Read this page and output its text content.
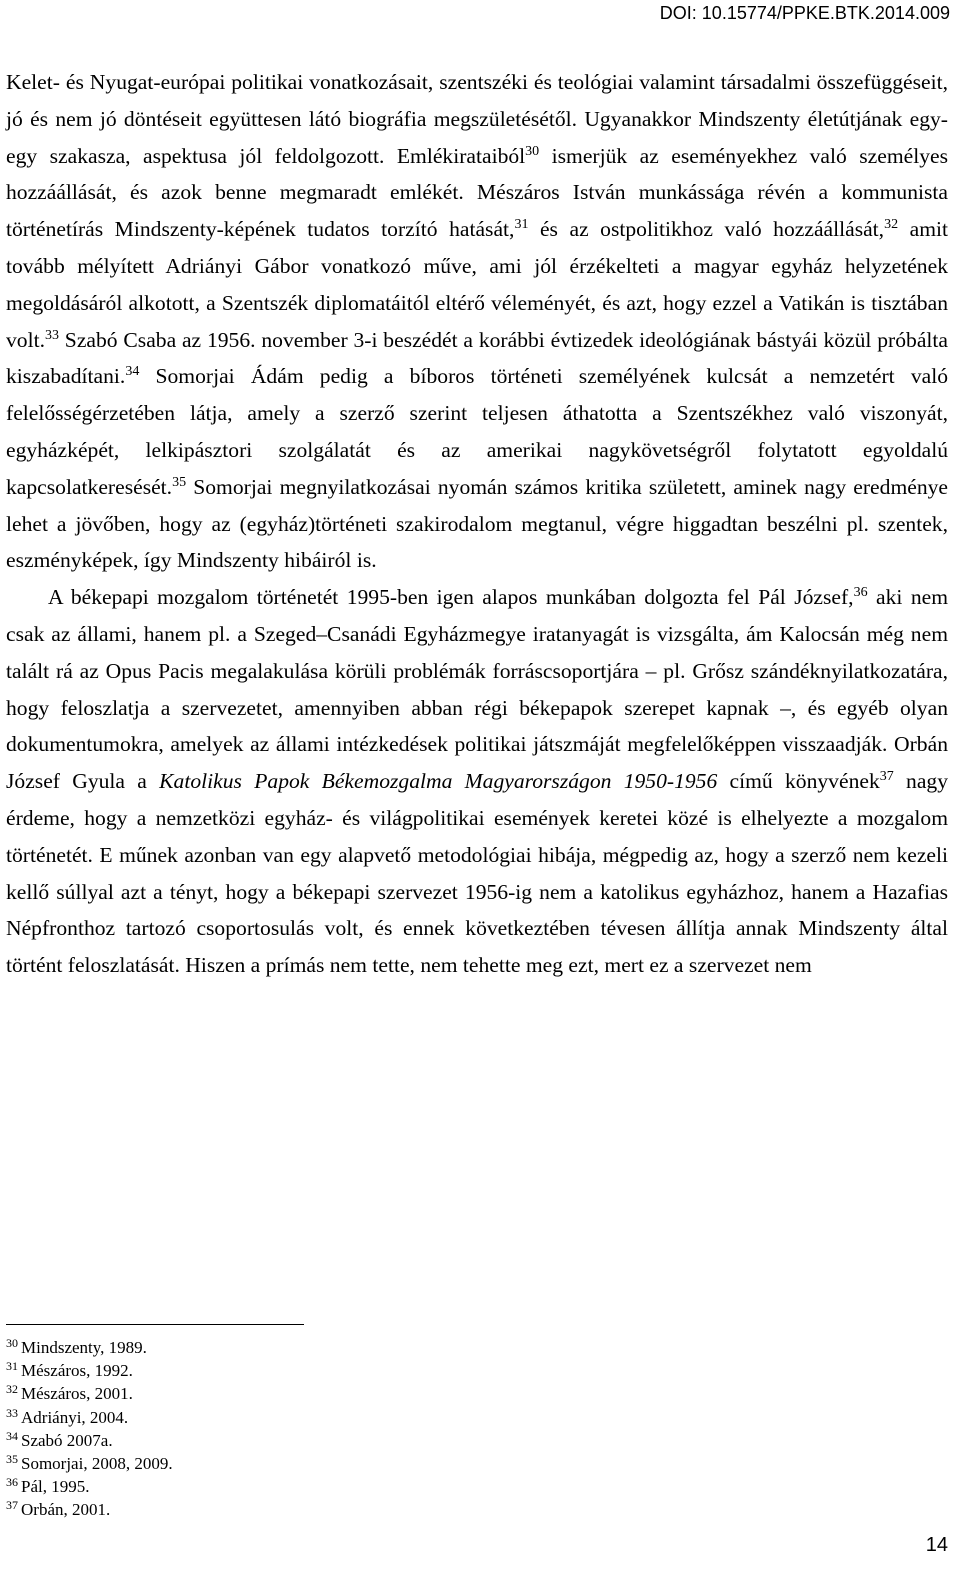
DOI: 10.15774/PPKE.BTK.2014.009

Kelet- és Nyugat-európai politikai vonatkozásait, szentszéki és teológiai valamint társadalmi összefüggéseit, jó és nem jó döntéseit együttesen látó biográfia megszületésétől. Ugyanakkor Mindszenty életútjának egy-egy szakasza, aspektusa jól feldolgozott. Emlékirataiból$^{30}$ ismerjük az eseményekhez való személyes hozzáállását, és azok benne megmaradt emlékét. Mészáros István munkássága révén a kommunista történetírás Mindszenty-képének tudatos torzító hatását,$^{31}$ és az ostpolitikhoz való hozzáállását,$^{32}$ amit tovább mélyített Adriányi Gábor vonatkozó műve, ami jól érzékelteti a magyar egyház helyzetének megoldásáról alkotott, a Szentszék diplomatáitól eltérő véleményét, és azt, hogy ezzel a Vatikán is tisztában volt.$^{33}$ Szabó Csaba az 1956. november 3-i beszédét a korábbi évtizedek ideológiának bástyái közül próbálta kiszabadítani.$^{34}$ Somorjai Ádám pedig a bíboros történeti személyének kulcsát a nemzetért való felelősségérzetében látja, amely a szerző szerint teljesen áthatotta a Szentszékhez való viszonyát, egyházképét, lelkipásztori szolgálatát és az amerikai nagykövetségről folytatott egyoldalú kapcsolatkeresését.$^{35}$ Somorjai megnyilatkozásai nyomán számos kritika született, aminek nagy eredménye lehet a jövőben, hogy az (egyház)történeti szakirodalom megtanul, végre higgadtan beszélni pl. szentek, eszményképek, így Mindszenty hibáiról is.

A békepapi mozgalom történetét 1995-ben igen alapos munkában dolgozta fel Pál József,$^{36}$ aki nem csak az állami, hanem pl. a Szeged–Csanádi Egyházmegye iratanyagát is vizsgálta, ám Kalocsán még nem talált rá az Opus Pacis megalakulása körüli problémák forráscsoportjára – pl. Grősz szándéknyilatkozatára, hogy feloszlatja a szervezetet, amennyiben abban régi békepapok szerepet kapnak –, és egyéb olyan dokumentumokra, amelyek az állami intézkedések politikai játszmáját megfelelőképpen visszaadják. Orbán József Gyula a Katolikus Papok Békemozgalma Magyarországon 1950-1956 című könyvének$^{37}$ nagy érdeme, hogy a nemzetközi egyház- és világpolitikai események keretei közé is elhelyezte a mozgalom történetét. E műnek azonban van egy alapvető metodológiai hibája, mégpedig az, hogy a szerző nem kezeli kellő súllyal azt a tényt, hogy a békepapi szervezet 1956-ig nem a katolikus egyházhoz, hanem a Hazafias Népfronthoz tartozó csoportosulás volt, és ennek következtében tévesen állítja annak Mindszenty által történt feloszlatását. Hiszen a prímás nem tette, nem tehette meg ezt, mert ez a szervezet nem

$^{30}$ Mindszenty, 1989.
$^{31}$ Mészáros, 1992.
$^{32}$ Mészáros, 2001.
$^{33}$ Adriányi, 2004.
$^{34}$ Szabó 2007a.
$^{35}$ Somorjai, 2008, 2009.
$^{36}$ Pál, 1995.
$^{37}$ Orbán, 2001.
14
